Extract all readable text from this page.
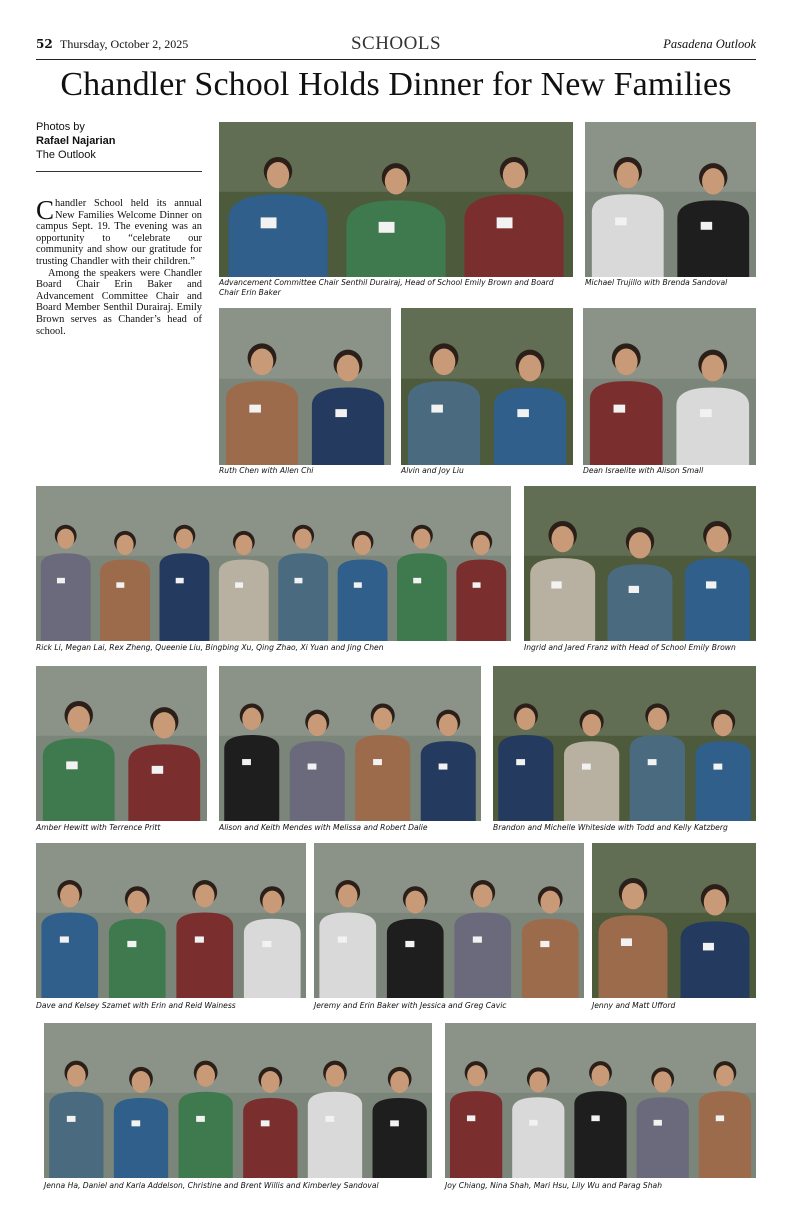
52 Thursday, October 2, 2025	SCHOOLS	Pasadena Outlook
Chandler School Holds Dinner for New Families
Photos by
Rafael Najarian
The Outlook

Chandler School held its annual New Families Welcome Dinner on campus Sept. 19. The evening was an opportunity to “celebrate our community and show our gratitude for trusting Chandler with their children.”

Among the speakers were Chandler Board Chair Erin Baker and Advancement Committee Chair and Board Member Senthil Durairaj. Emily Brown serves as Chander’s head of school.

Advancement Committee Chair Senthil Durairaj, Head of School Emily Brown and Board Chair Erin Baker
Michael Trujillo with Brenda Sandoval
Ruth Chen with Allen Chi	Alvin and Joy Liu	Dean Israelite with Alison Small
Rick Li, Megan Lai, Rex Zheng, Queenie Liu, Bingbing Xu, Qing Zhao, Xi Yuan and Jing Chen	Ingrid and Jared Franz with Head of School Emily Brown
Amber Hewitt with Terrence Pritt	Alison and Keith Mendes with Melissa and Robert Dalie	Brandon and Michelle Whiteside with Todd and Kelly Katzberg
Dave and Kelsey Szamet with Erin and Reid Wainess	Jeremy and Erin Baker with Jessica and Greg Cavic	Jenny and Matt Ufford
Jenna Ha, Daniel and Karla Addelson, Christine and Brent Willis and Kimberley Sandoval	Joy Chiang, Nina Shah, Mari Hsu, Lily Wu and Parag Shah
